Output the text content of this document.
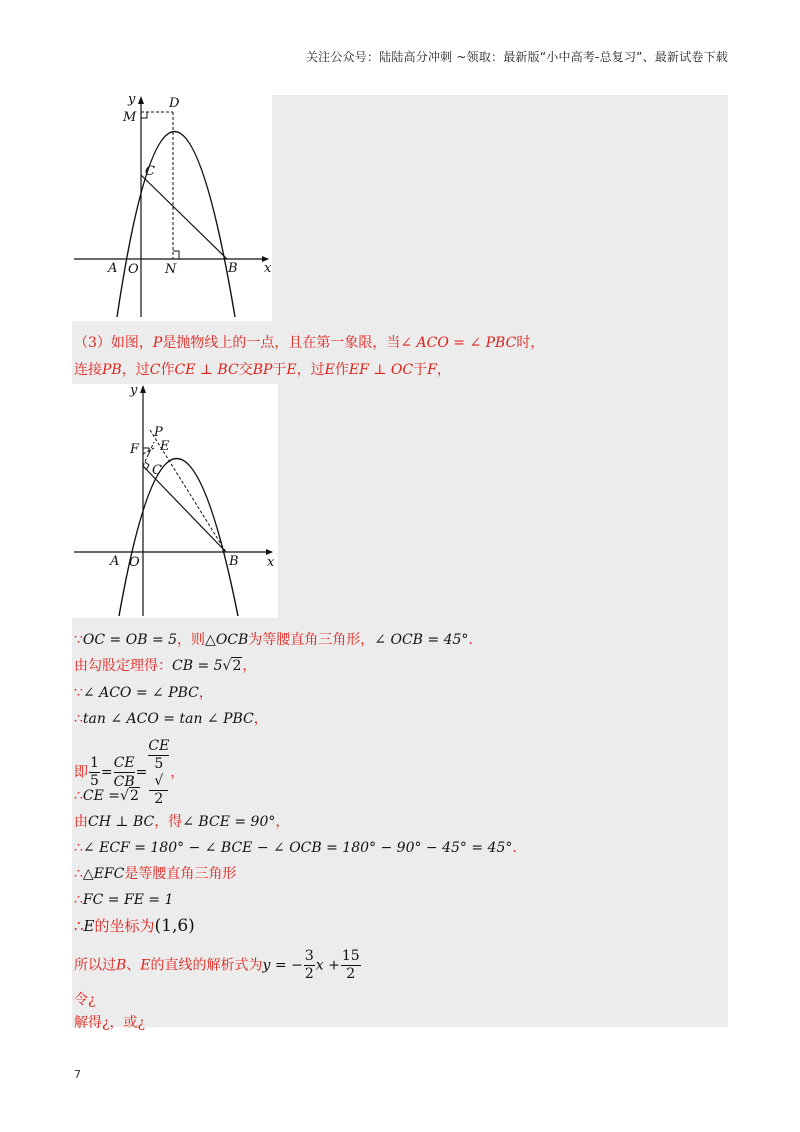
关注公众号：陆陆高分冲刺 ~领取：最新版“小中高考-总复习”、最新试卷下载
y
x
D
M
C
A O N	B
（3）如图，P是抛物线上的一点，且在第一象限，当∠ ACO = ∠ PBC时，
连接PB，过C作CE ⊥ BC交BP于E，过E作EF ⊥ OC于F，
y
x
P
E
F
C
A O	B
∵OC = OB = 5，则△OCB为等腰直角三角形，∠ OCB = 45°.
由勾股定理得：CB = 5√2，
∵∠ ACO = ∠ PBC，
∴tan ∠ ACO = tan ∠ PBC，
即 $\frac{1}{5} = \frac{CE}{CB}$ = CE
5
√
2 ，
∴CE =√2
由CH ⊥ BC，得∠ BCE = 90°，
∴∠ ECF = 180° − ∠ BCE − ∠ OCB = 180° − 90° − 45° = 45°.
∴△EFC是等腰直角三角形
∴FC = FE = 1
∴E的坐标为(1,6)
所以过B、E的直线的解析式为y = − $\frac{3}{2}$ $x + \frac{15}{2}$
令¿
解得¿，或¿
7
